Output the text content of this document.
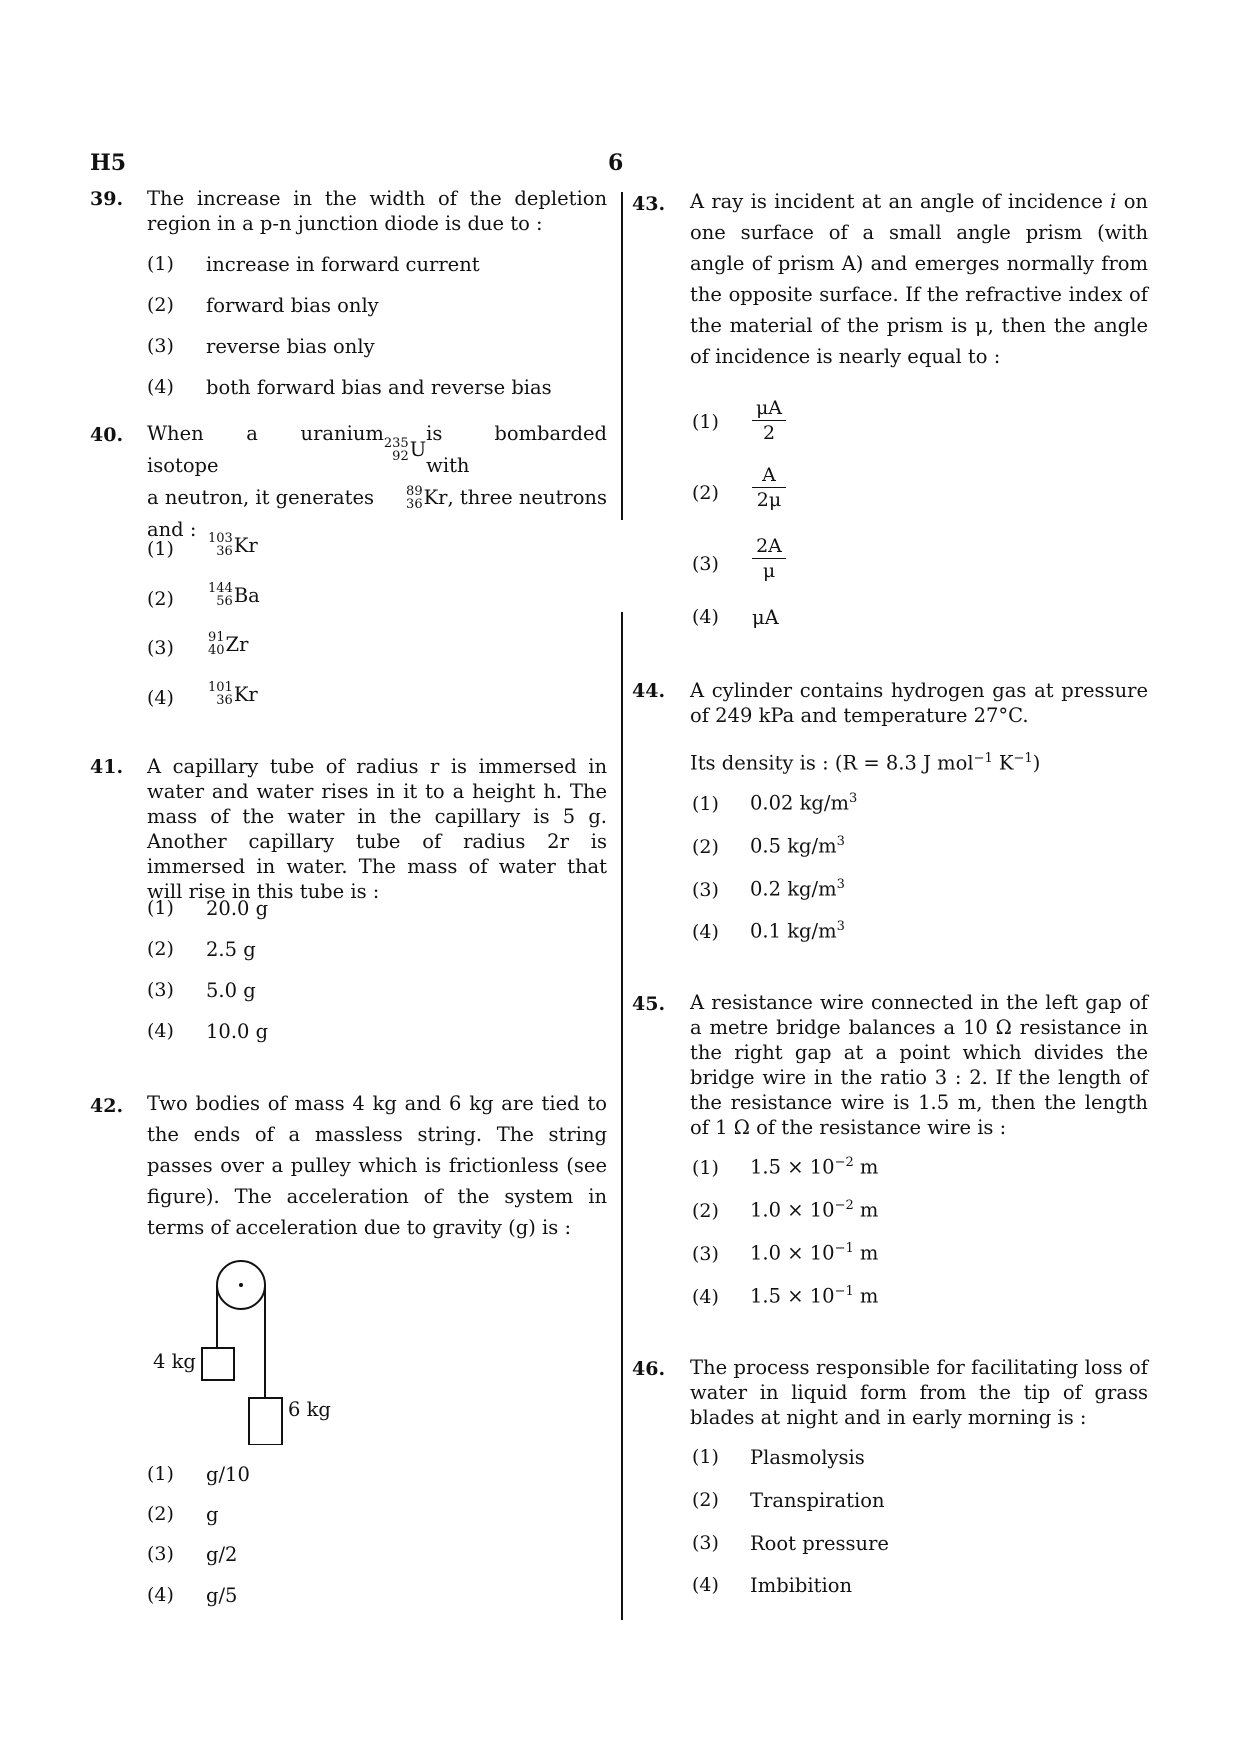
H5	6
39. The increase in the width of the depletion region in a p-n junction diode is due to :
(1) increase in forward current
(2) forward bias only
(3) reverse bias only
(4) both forward bias and reverse bias
40. When a uranium isotope
235
92 U
is bombarded with
a neutron, it generates 89
36 Kr , three neutrons
and :
(1)	103
36 Kr
(2)	144
56 Ba
(3)	91
40 Zr
(4)	101
36 Kr
41. A capillary tube of radius r is immersed in water and water rises in it to a height h. The mass of the water in the capillary is 5 g. Another capillary tube of radius 2r is immersed in water. The mass of water that will rise in this tube is :
(1) 20.0 g
(2) 2.5 g
(3) 5.0 g
(4) 10.0 g
42. Two bodies of mass 4 kg and 6 kg are tied to the ends of a massless string. The string passes over a pulley which is frictionless (see figure). The acceleration of the system in terms of acceleration due to gravity (g) is :
4 kg
6 kg
(1) g/10
(2) g
(3) g/2
(4) g/5
43. A ray is incident at an angle of incidence i on one surface of a small angle prism (with angle of prism A) and emerges normally from the opposite surface. If the refractive index of the material of the prism is μ, then the angle of incidence is nearly equal to :
(1)
μA
2
(2)
A
2μ
(3)
2A
μ
(4) μA
44. A cylinder contains hydrogen gas at pressure of 249 kPa and temperature 27°C.
Its density is : (R = 8.3 J mol$^{-1}$ $K^{-1}$)
(1) 0.02 $kg/m^3$
(2) 0.5 $kg/m^3$
(3) 0.2 $kg/m^3$
(4) 0.1 $kg/m^3$
45. A resistance wire connected in the left gap of a metre bridge balances a 10 Ω resistance in the right gap at a point which divides the bridge wire in the ratio 3 : 2. If the length of the resistance wire is 1.5 m, then the length of 1 Ω of the resistance wire is :
(1) $1.5 \times 10^{-2}$ m
(2) $1.0 \times 10^{-2}$ m
(3) $1.0 \times 10^{-1}$ m
(4) $1.5 \times 10^{-1}$ m
46. The process responsible for facilitating loss of water in liquid form from the tip of grass blades at night and in early morning is :
(1) Plasmolysis
(2) Transpiration
(3) Root pressure
(4) Imbibition
